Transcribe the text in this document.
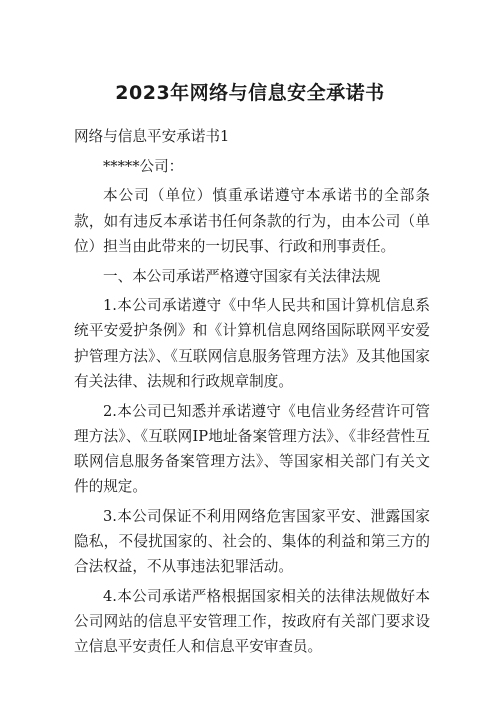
2023年网络与信息安全承诺书

网络与信息平安承诺书1

*****公司：

本公司（单位）慎重承诺遵守本承诺书的全部条款，如有违反本承诺书任何条款的行为，由本公司（单位）担当由此带来的一切民事、行政和刑事责任。

一、本公司承诺严格遵守国家有关法律法规

1.本公司承诺遵守《中华人民共和国计算机信息系统平安爱护条例》和《计算机信息网络国际联网平安爱护管理方法》、《互联网信息服务管理方法》及其他国家有关法律、法规和行政规章制度。

2.本公司已知悉并承诺遵守《电信业务经营许可管理方法》、《互联网IP地址备案管理方法》、《非经营性互联网信息服务备案管理方法》、等国家相关部门有关文件的规定。

3.本公司保证不利用网络危害国家平安、泄露国家隐私，不侵扰国家的、社会的、集体的利益和第三方的合法权益，不从事违法犯罪活动。

4.本公司承诺严格根据国家相关的法律法规做好本公司网站的信息平安管理工作，按政府有关部门要求设立信息平安责任人和信息平安审查员。
